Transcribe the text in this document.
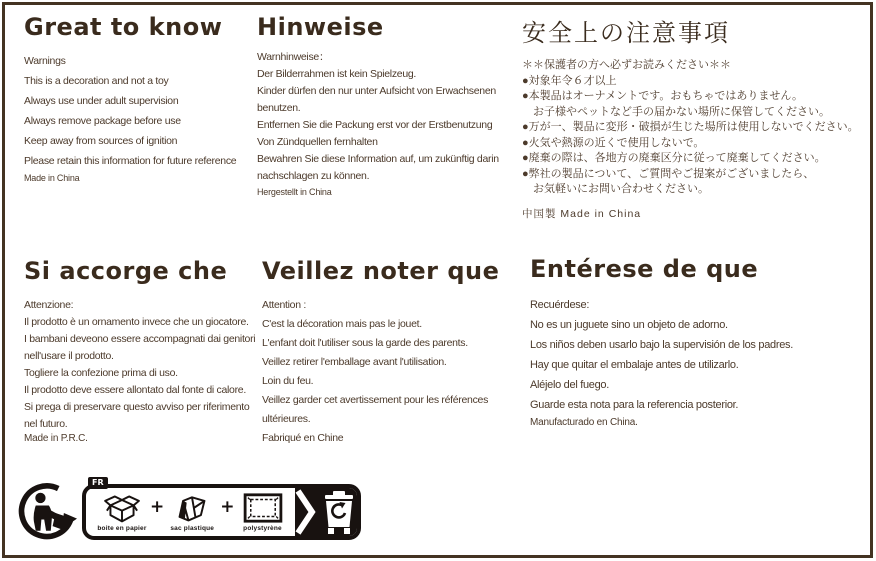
Great to know
Warnings
This is a decoration and not a toy
Always use under adult supervision
Always remove package before use
Keep away from sources of ignition
Please retain this information for future reference
Made in China
Hinweise
Warnhinweise：
Der Bilderrahmen ist kein Spielzeug.
Kinder dürfen den nur unter Aufsicht von Erwachsenen
benutzen.
Entfernen Sie die Packung erst vor der Erstbenutzung
Von Zündquellen fernhalten
Bewahren Sie diese Information auf, um zukünftig darin
nachschlagen zu können.
Hergestellt in China
安全上の注意事項
＊＊保護者の方へ必ずお読みください＊＊
●対象年令６才以上
●本製品はオーナメントです。おもちゃではありません。
　お子様やペットなど手の届かない場所に保管してください。
●万が一、製品に変形・破損が生じた場所は使用しないでください。
●火気や熱源の近くで使用しないで。
●廃棄の際は、各地方の廃棄区分に従って廃棄してください。
●弊社の製品について、ご質問やご提案がございましたら、
　お気軽いにお問い合わせください。
中国製 Made in China
Si accorge che
Attenzione:
Il prodotto è un ornamento invece che un giocatore.
I bambani deveono essere accompagnati dai genitori
nell'usare il prodotto.
Togliere la confezione prima di uso.
Il prodotto deve essere allontato dal fonte di calore.
Si prega di preservare questo avviso per riferimento
nel futuro.
Made in P.R.C.
Veillez noter que
Attention :
C'est la décoration mais pas le jouet.
L'enfant doit l'utiliser sous la garde des parents.
Veillez retirer l'emballage avant l'utilisation.
Loin du feu.
Veillez garder cet avertissement pour les références
ultérieures.
Fabriqué en Chine
Entérese de que
Recuérdese:
No es un juguete sino un objeto de adorno.
Los niños deben usarlo bajo la supervisión de los padres.
Hay que quitar el embalaje antes de utilizarlo.
Aléjelo del fuego.
Guarde esta nota para la referencia posterior.
Manufacturado en China.
FR
boite en papier
+
sac plastique
+
polystyrène
